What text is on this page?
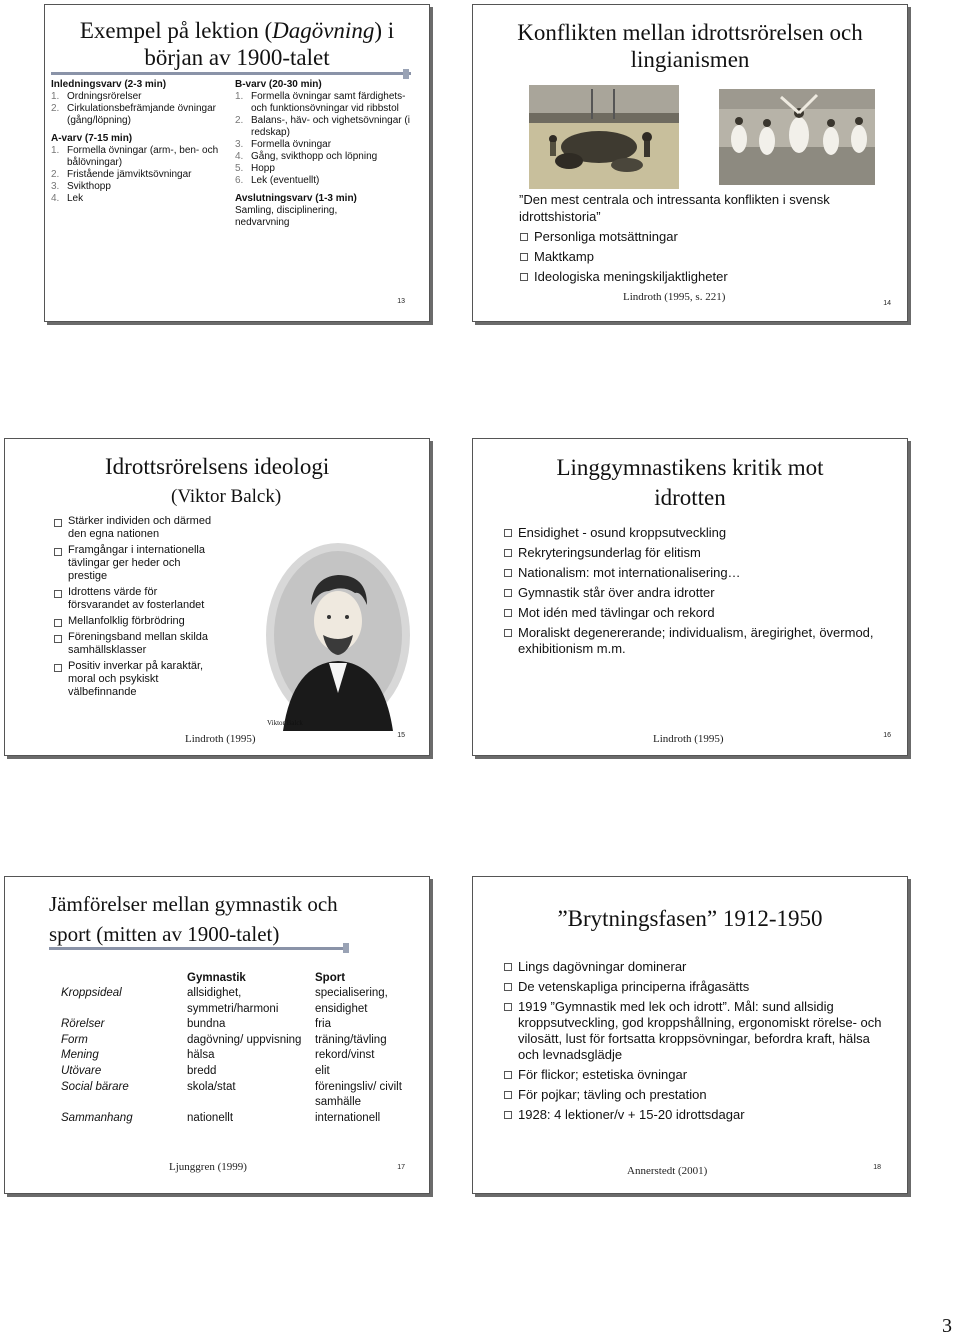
Exempel på lektion (Dagövning) i
början av 1900-talet
Inledningsvarv (2-3 min)
1. Ordningsrörelser
2. Cirkulationsbefrämjande övningar (gång/löpning)
A-varv (7-15 min)
1. Formella övningar (arm-, ben- och bålövningar)
2. Fristående jämviktsövningar
3. Svikthopp
4. Lek
B-varv (20-30 min)
1. Formella övningar samt färdighets- och funktionsövningar vid ribbstol
2. Balans-, häv- och vighetsövningar (i redskap)
3. Formella övningar
4. Gång, svikthopp och löpning
5. Hopp
6. Lek (eventuellt)
Avslutningsvarv (1-3 min)
Samling, disciplinering, nedvarvning
13
Konflikten mellan idrottsrörelsen och
lingianismen
”Den mest centrala och intressanta konflikten i svensk idrottshistoria”
Personliga motsättningar
Maktkamp
Ideologiska meningskiljaktligheter
Lindroth (1995, s. 221)
14
Idrottsrörelsens ideologi
(Viktor Balck)
Stärker individen och därmed den egna nationen
Framgångar i internationella tävlingar ger heder och prestige
Idrottens värde för försvarandet av fosterlandet
Mellanfolklig förbrödring
Föreningsband mellan skilda samhällsklasser
Positiv inverkar på karaktär, moral och psykiskt välbefinnande
Viktor Balck
Lindroth (1995)	15
Linggymnastikens kritik mot
idrotten
Ensidighet - osund kroppsutveckling
Rekryteringsunderlag för elitism
Nationalism: mot internationalisering…
Gymnastik står över andra idrotter
Mot idén med tävlingar och rekord
Moraliskt degenererande; individualism, äregirighet, övermod, exhibitionism m.m.
Lindroth (1995)	16
Jämförelser mellan gymnastik och
sport (mitten av 1900-talet)
	Gymnastik	Sport
Kroppsideal	allsidighet, symmetri/harmoni	specialisering, ensidighet
Rörelser	bundna	fria
Form	dagövning/ uppvisning	träning/tävling
Mening	hälsa	rekord/vinst
Utövare	bredd	elit
Social bärare	skola/stat	föreningsliv/ civilt samhälle
Sammanhang	nationellt	internationell
Ljunggren (1999)	17
”Brytningsfasen” 1912-1950
Lings dagövningar dominerar
De vetenskapliga principerna ifrågasätts
1919 ”Gymnastik med lek och idrott”. Mål: sund allsidig kroppsutveckling, god kroppshållning, ergonomiskt rörelse- och vilosätt, lust för fortsatta kroppsövningar, befordra kraft, hälsa och levnadsglädje
För flickor; estetiska övningar
För pojkar; tävling och prestation
1928: 4 lektioner/v + 15-20 idrottsdagar
Annerstedt (2001)	18
3
